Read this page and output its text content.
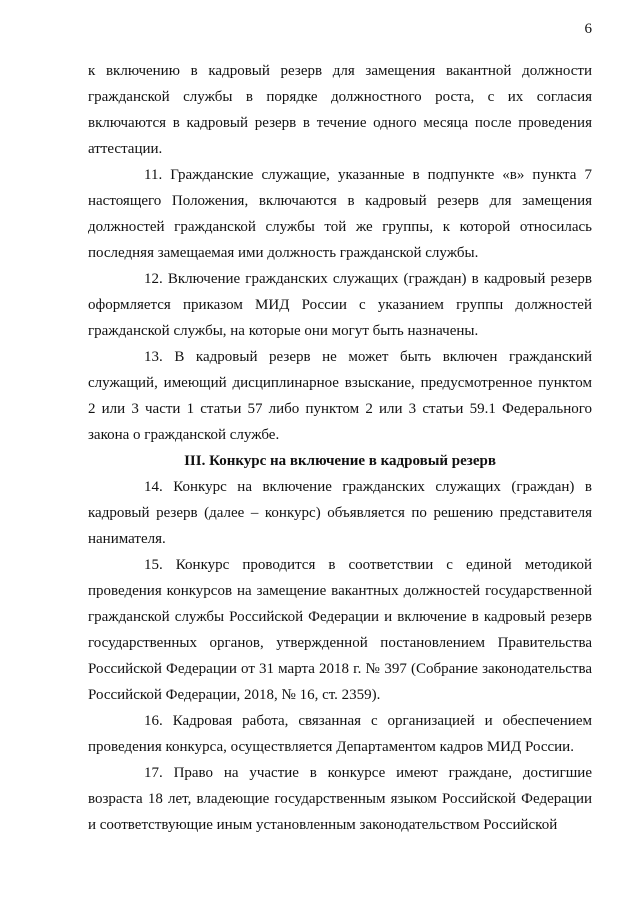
6

к включению в кадровый резерв для замещения вакантной должности гражданской службы в порядке должностного роста, с их согласия включаются в кадровый резерв в течение одного месяца после проведения аттестации.

11. Гражданские служащие, указанные в подпункте «в» пункта 7 настоящего Положения, включаются в кадровый резерв для замещения должностей гражданской службы той же группы, к которой относилась последняя замещаемая ими должность гражданской службы.

12. Включение гражданских служащих (граждан) в кадровый резерв оформляется приказом МИД России с указанием группы должностей гражданской службы, на которые они могут быть назначены.

13. В кадровый резерв не может быть включен гражданский служащий, имеющий дисциплинарное взыскание, предусмотренное пунктом 2 или 3 части 1 статьи 57 либо пунктом 2 или 3 статьи 59.1 Федерального закона о гражданской службе.

III. Конкурс на включение в кадровый резерв

14. Конкурс на включение гражданских служащих (граждан) в кадровый резерв (далее – конкурс) объявляется по решению представителя нанимателя.

15. Конкурс проводится в соответствии с единой методикой проведения конкурсов на замещение вакантных должностей государственной гражданской службы Российской Федерации и включение в кадровый резерв государственных органов, утвержденной постановлением Правительства Российской Федерации от 31 марта 2018 г. № 397 (Собрание законодательства Российской Федерации, 2018, № 16, ст. 2359).

16. Кадровая работа, связанная с организацией и обеспечением проведения конкурса, осуществляется Департаментом кадров МИД России.

17. Право на участие в конкурсе имеют граждане, достигшие возраста 18 лет, владеющие государственным языком Российской Федерации и соответствующие иным установленным законодательством Российской
